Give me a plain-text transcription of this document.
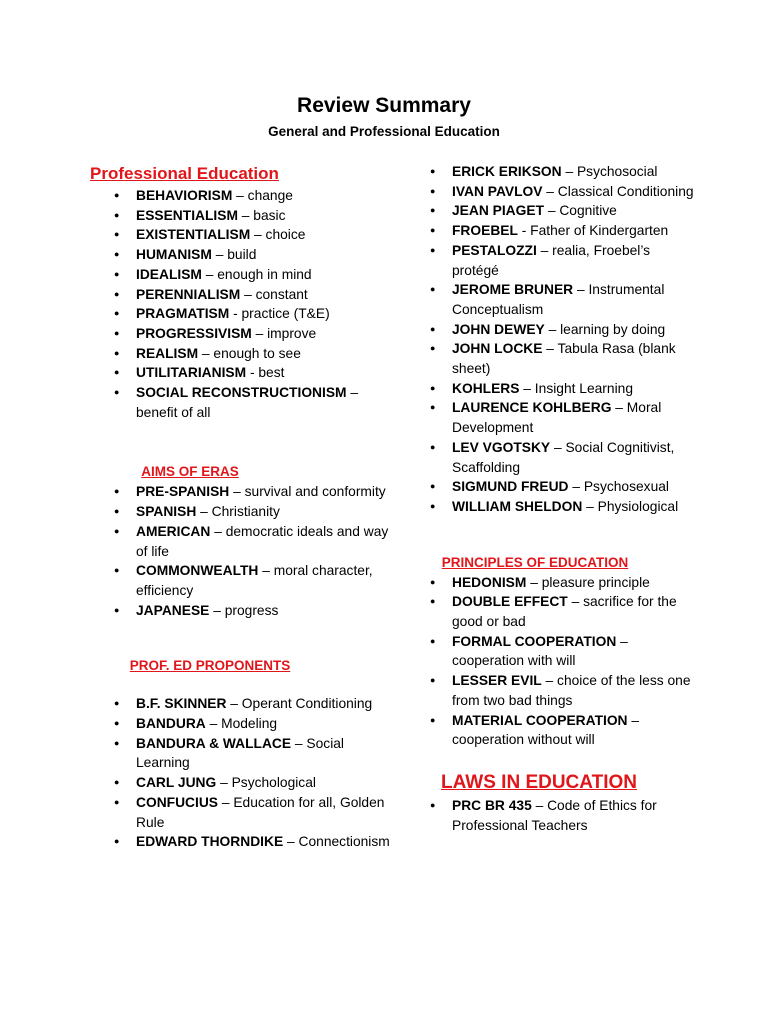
Review Summary
General and Professional Education
Professional Education
● BEHAVIORISM – change
● ESSENTIALISM – basic
● EXISTENTIALISM – choice
● HUMANISM – build
● IDEALISM – enough in mind
● PERENNIALISM – constant
● PRAGMATISM - practice (T&E)
● PROGRESSIVISM – improve
● REALISM – enough to see
● UTILITARIANISM - best
● SOCIAL RECONSTRUCTIONISM – benefit of all
AIMS OF ERAS
● PRE-SPANISH – survival and conformity
● SPANISH – Christianity
● AMERICAN – democratic ideals and way of life
● COMMONWEALTH – moral character, efficiency
● JAPANESE – progress
PROF. ED PROPONENTS
● B.F. SKINNER – Operant Conditioning
● BANDURA – Modeling
● BANDURA & WALLACE – Social Learning
● CARL JUNG – Psychological
● CONFUCIUS – Education for all, Golden Rule
● EDWARD THORNDIKE – Connectionism
● ERICK ERIKSON – Psychosocial
● IVAN PAVLOV – Classical Conditioning
● JEAN PIAGET – Cognitive
● FROEBEL - Father of Kindergarten
● PESTALOZZI – realia, Froebel’s protégé
● JEROME BRUNER – Instrumental Conceptualism
● JOHN DEWEY – learning by doing
● JOHN LOCKE – Tabula Rasa (blank sheet)
● KOHLERS – Insight Learning
● LAURENCE KOHLBERG – Moral Development
● LEV VGOTSKY – Social Cognitivist, Scaffolding
● SIGMUND FREUD – Psychosexual
● WILLIAM SHELDON – Physiological
PRINCIPLES OF EDUCATION
● HEDONISM – pleasure principle
● DOUBLE EFFECT – sacrifice for the good or bad
● FORMAL COOPERATION – cooperation with will
● LESSER EVIL – choice of the less one from two bad things
● MATERIAL COOPERATION – cooperation without will
LAWS IN EDUCATION
● PRC BR 435 – Code of Ethics for Professional Teachers
